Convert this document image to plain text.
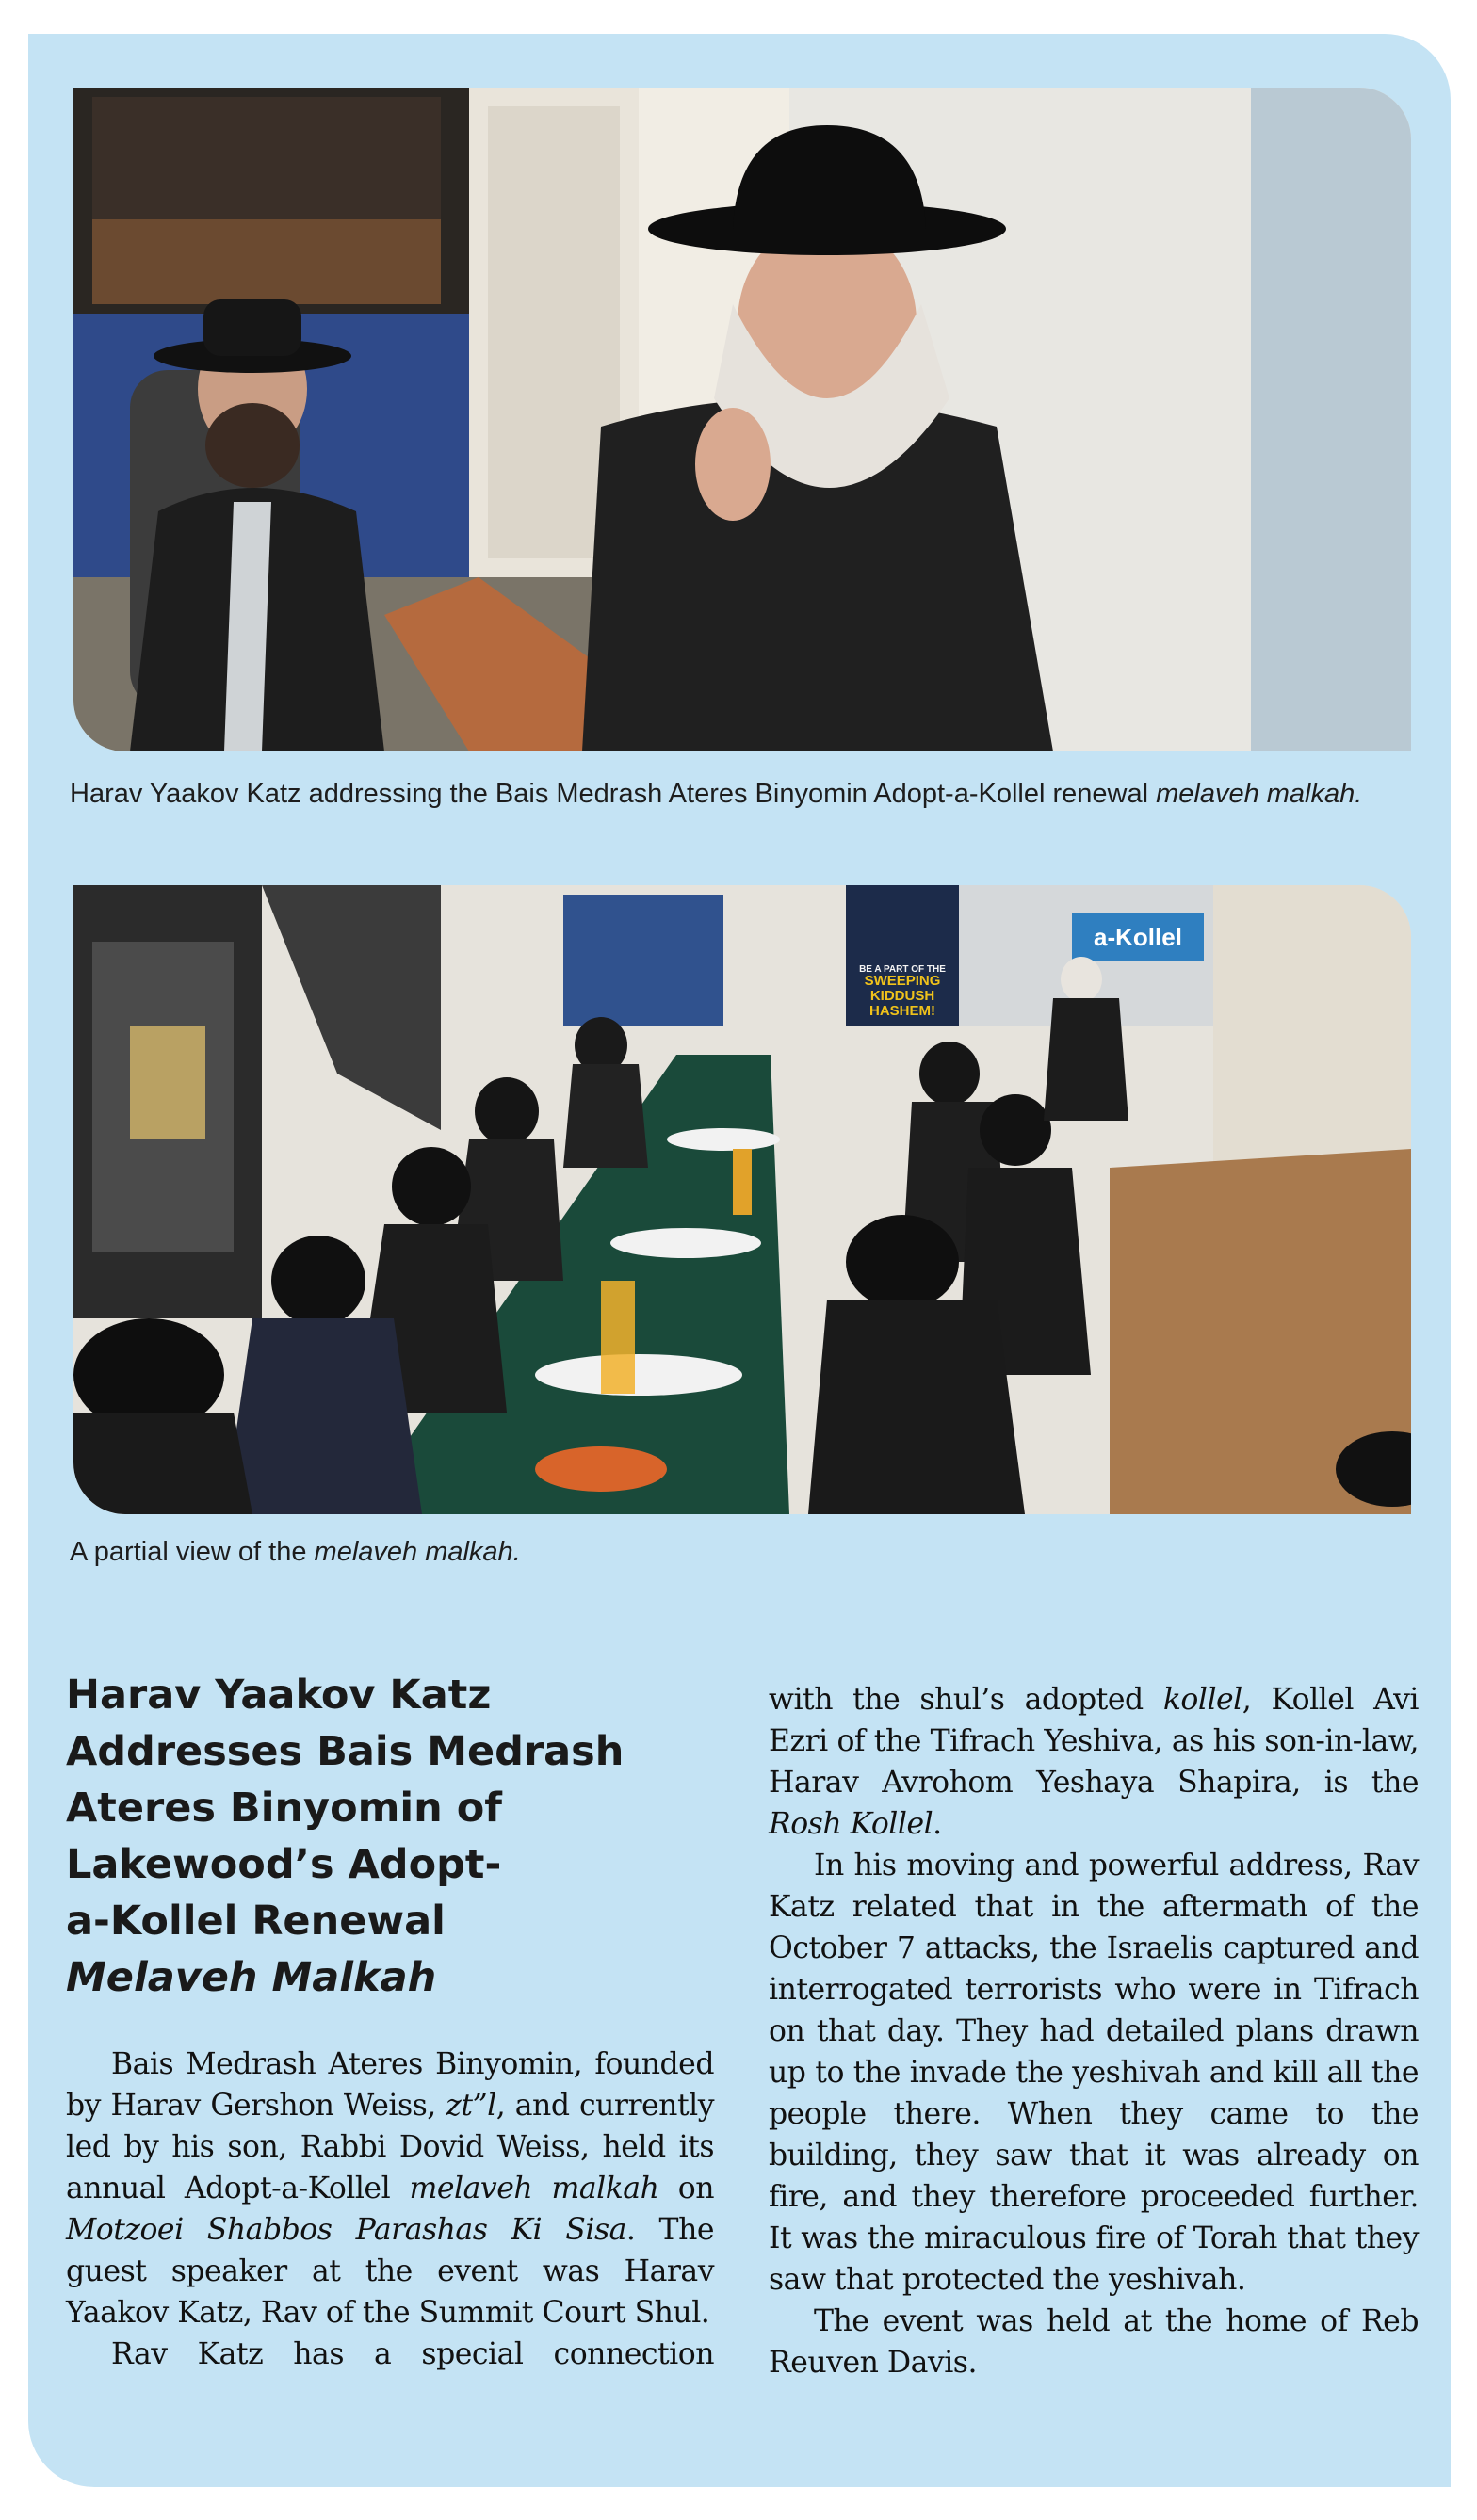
Harav Yaakov Katz addressing the Bais Medrash Ateres Binyomin Adopt-a-Kollel renewal melaveh malkah.
BE A PART OF THE
SWEEPING
KIDDUSH
HASHEM!
a-Kollel
A partial view of the melaveh malkah.
Harav Yaakov Katz
Addresses Bais Medrash
Ateres Binyomin of
Lakewood’s Adopt-
a-Kollel Renewal
Melaveh Malkah

Bais Medrash Ateres Binyomin, founded by Harav Gershon Weiss, zt”l, and currently led by his son, Rabbi Dovid Weiss, held its annual Adopt-a-Kollel melaveh malkah on Motzoei Shabbos Parashas Ki Sisa. The guest speaker at the event was Harav Yaakov Katz, Rav of the Summit Court Shul.

Rav Katz has a special connection

with the shul’s adopted kollel, Kollel Avi Ezri of the Tifrach Yeshiva, as his son-in-law, Harav Avrohom Yeshaya Shapira, is the Rosh Kollel.

In his moving and powerful address, Rav Katz related that in the aftermath of the October 7 attacks, the Israelis captured and interrogated terrorists who were in Tifrach on that day. They had detailed plans drawn up to the invade the yeshivah and kill all the people there. When they came to the building, they saw that it was already on fire, and they therefore proceeded further. It was the miraculous fire of Torah that they saw that protected the yeshivah.

The event was held at the home of Reb Reuven Davis.
